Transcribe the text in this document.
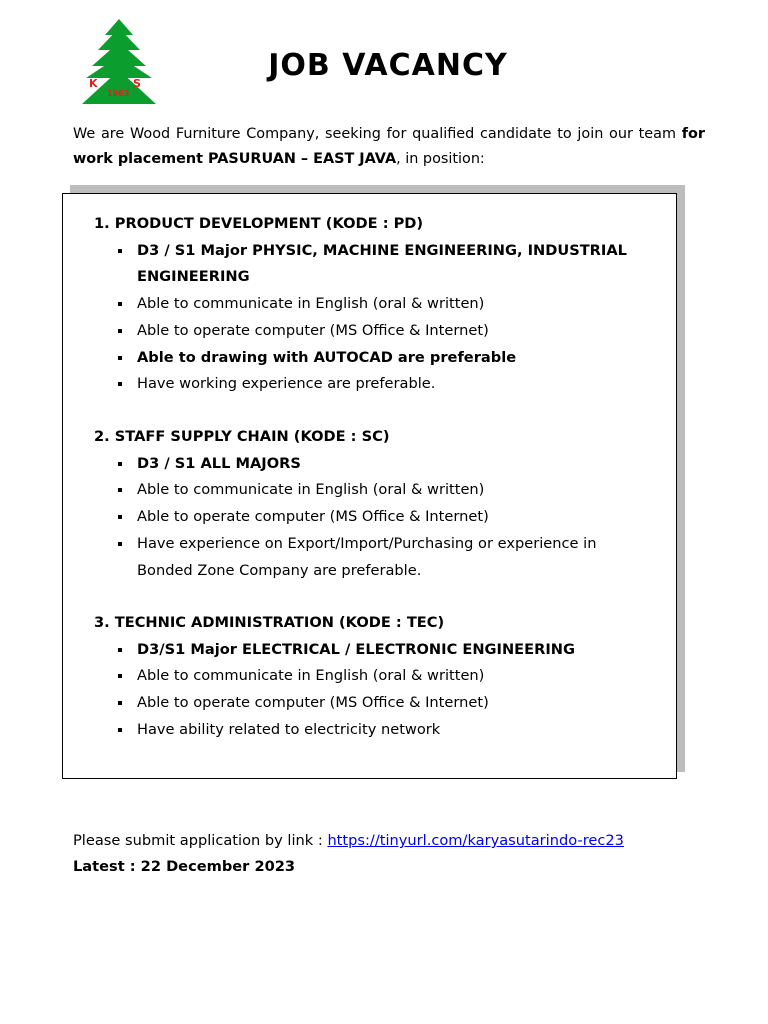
K	S
1963
JOB VACANCY
We are Wood Furniture Company, seeking for qualified candidate to join our team for work placement PASURUAN – EAST JAVA, in position:
1. PRODUCT DEVELOPMENT (KODE : PD)
D3 / S1 Major PHYSIC, MACHINE ENGINEERING, INDUSTRIAL ENGINEERING
Able to communicate in English (oral & written)
Able to operate computer (MS Office & Internet)
Able to drawing with AUTOCAD are preferable
Have working experience are preferable.
2. STAFF SUPPLY CHAIN (KODE : SC)
D3 / S1 ALL MAJORS
Able to communicate in English (oral & written)
Able to operate computer (MS Office & Internet)
Have experience on Export/Import/Purchasing or experience in Bonded Zone Company are preferable.
3. TECHNIC ADMINISTRATION (KODE : TEC)
D3/S1 Major ELECTRICAL / ELECTRONIC ENGINEERING
Able to communicate in English (oral & written)
Able to operate computer (MS Office & Internet)
Have ability related to electricity network
Please submit application by link : https://tinyurl.com/karyasutarindo-rec23
Latest : 22 December 2023
